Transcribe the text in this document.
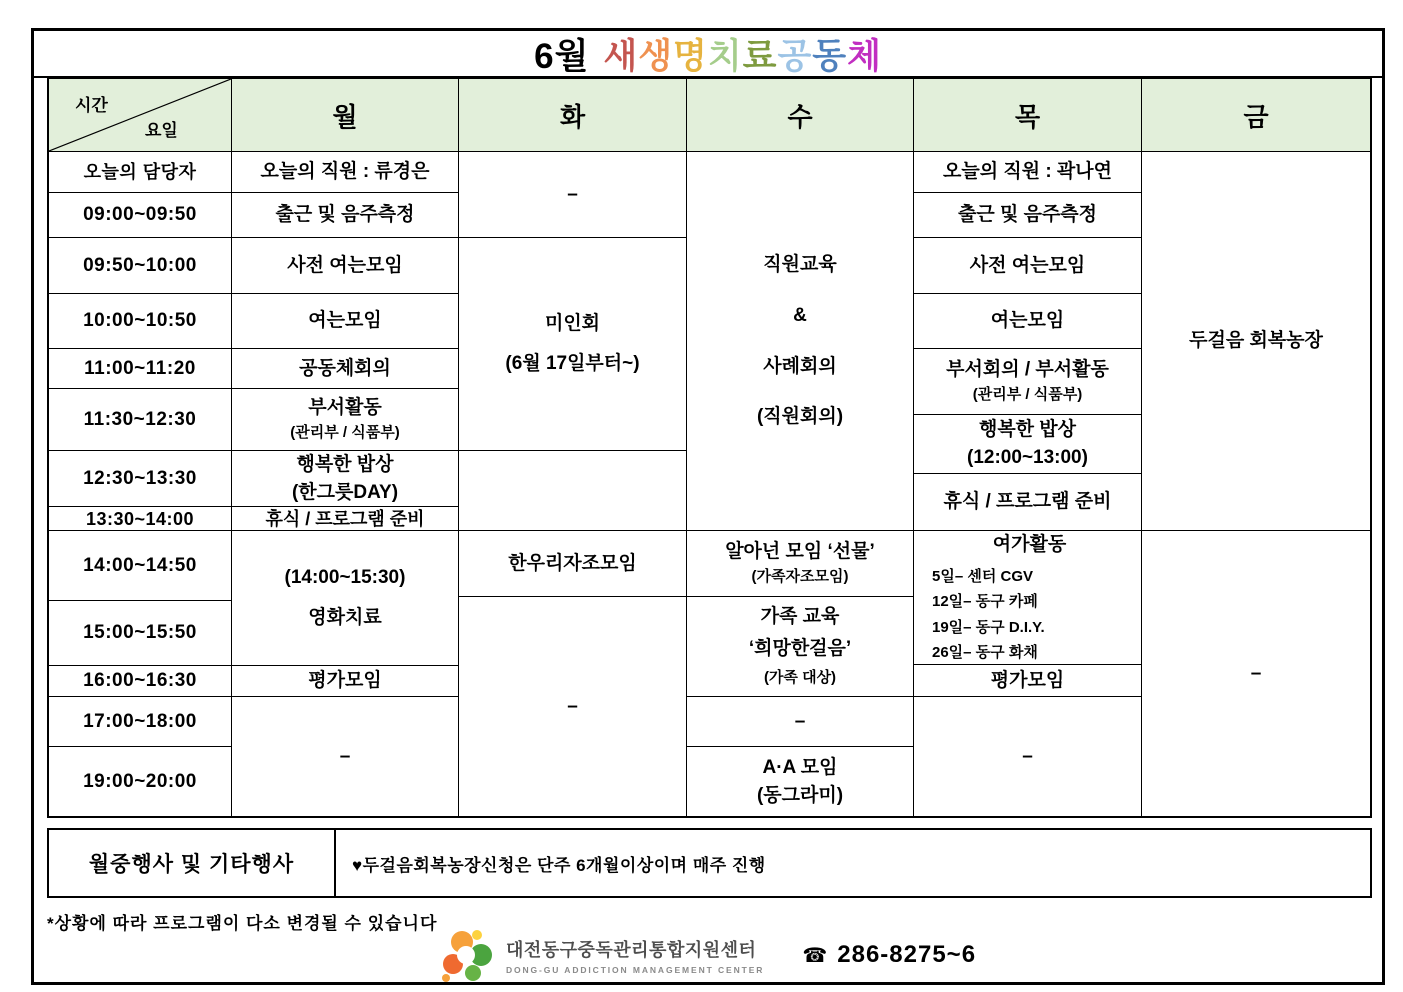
6월 새생명치료공동체
시간
요일
오늘의 담당자
09:00~09:50
09:50~10:00
10:00~10:50
11:00~11:20
11:30~12:30
12:30~13:30
13:30~14:00
14:00~14:50
15:00~15:50
16:00~16:30
17:00~18:00
19:00~20:00
월
오늘의 직원 : 류경은
출근 및 음주측정
사전 여는모임
여는모임
공동체회의
부서활동
(관리부 / 식품부)
행복한 밥상
(한그릇DAY)
휴식 / 프로그램 준비
(14:00~15:30)
영화치료
평가모임
–
화
–
미인회
(6월 17일부터~)
한우리자조모임
–
수
직원교육
&
사례회의
(직원회의)
알아넌 모임 ‘선물’
(가족자조모임)
가족 교육
‘희망한걸음’
(가족 대상)
–
A·A 모임
(동그라미)
목
오늘의 직원 : 곽나연
출근 및 음주측정
사전 여는모임
여는모임
부서회의 / 부서활동
(관리부 / 식품부)
행복한 밥상
(12:00~13:00)
휴식 / 프로그램 준비
여가활동
5일– 센터 CGV
12일– 동구 카페
19일– 동구 D.I.Y.
26일– 동구 화채
평가모임
–
금
두걸음 회복농장
–
월중행사 및 기타행사	♥두걸음회복농장신청은 단주 6개월이상이며 매주 진행
*상황에 따라 프로그램이 다소 변경될 수 있습니다
대전동구중독관리통합지원센터
DONG-GU ADDICTION MANAGEMENT CENTER
☎ 286-8275~6
